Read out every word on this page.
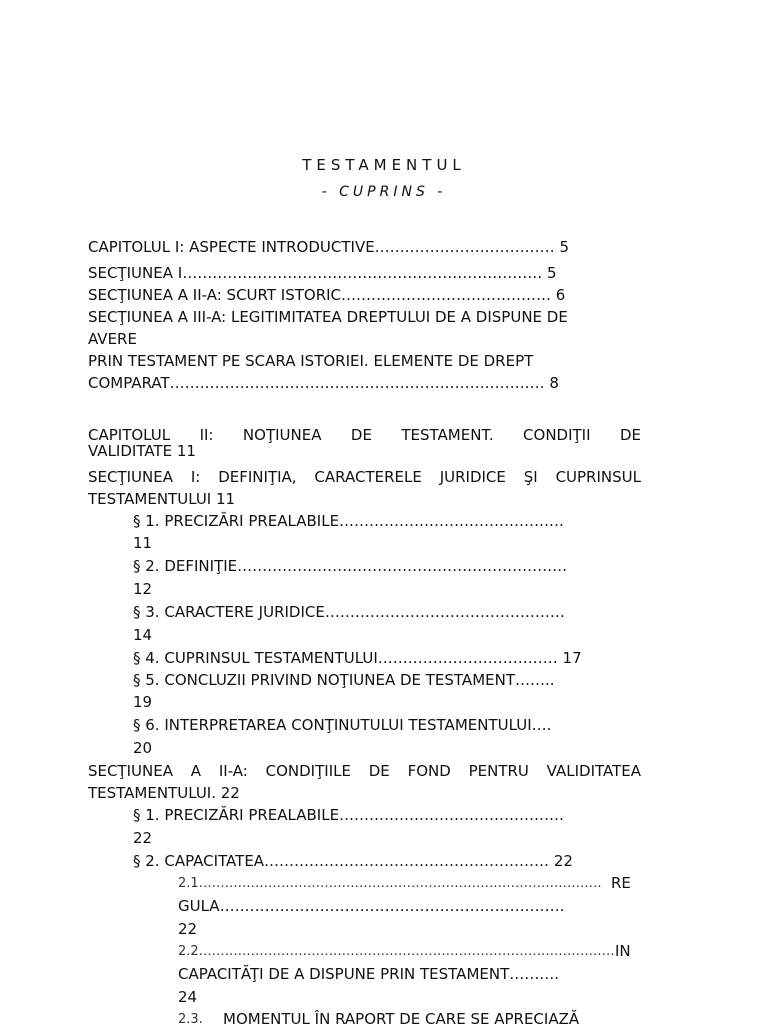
TESTAMENTUL
- CUPRINS -
CAPITOLUL I: ASPECTE INTRODUCTIVE……………………………… 5
SECŢIUNEA I……………………………………………………………… 5
SECŢIUNEA A II-A: SCURT ISTORIC…………………………………… 6
SECŢIUNEA A III-A: LEGITIMITATEA DREPTULUI DE A DISPUNE DE
AVERE
PRIN TESTAMENT PE SCARA ISTORIEI. ELEMENTE DE DREPT
COMPARAT………………………………………………………………… 8
CAPITOLUL II: NOŢIUNEA DE TESTAMENT. CONDIŢII DE
VALIDITATE 11
SECŢIUNEA I: DEFINIŢIA, CARACTERELE JURIDICE ŞI CUPRINSUL
TESTAMENTULUI 11
§ 1. PRECIZĂRI PREALABILE………………………………………
11
§ 2. DEFINIŢIE…………………………………………………………
12
§ 3. CARACTERE JURIDICE…………………………………………
14
§ 4. CUPRINSUL TESTAMENTULUI……………………………… 17
§ 5. CONCLUZII PRIVIND NOŢIUNEA DE TESTAMENT……..
19
§ 6. INTERPRETAREA CONŢINUTULUI TESTAMENTULUI….
20
SECŢIUNEA A II-A: CONDIŢIILE DE FOND PENTRU VALIDITATEA
TESTAMENTULUI. 22
§ 1. PRECIZĂRI PREALABILE………………………………………
22
§ 2. CAPACITATEA………………………………………………… 22
2.1………………………………………………………………………………… RE
GULA……………………………………………………………
22
2.2…………………………………………………………………………………… IN
CAPACITĂŢI DE A DISPUNE PRIN TESTAMENT……….
24
2.3. MOMENTUL ÎN RAPORT DE CARE SE APRECIAZĂ
